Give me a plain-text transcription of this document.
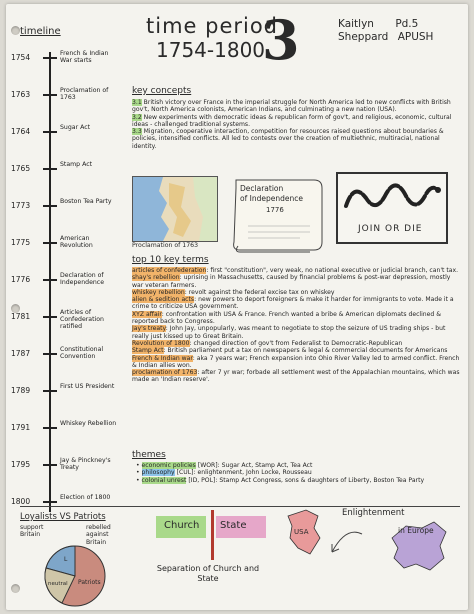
timeline	time period
1754-1800
3	Kaitlyn Pd.5
Sheppard APUSH
1754	French & Indian War starts
1763	Proclamation of 1763
1764	Sugar Act
1765	Stamp Act
1773	Boston Tea Party
1775	American Revolution
1776	Declaration of Independence
1781	Articles of Confederation ratified
1787	Constitutional Convention
1789	First US President
1791	Whiskey Rebellion
1795	Jay & Pinckney's Treaty
1800	Election of 1800
key concepts
3.1 British victory over France in the imperial struggle for North America led to new conflicts with British gov't, North America colonists, American Indians, and culminating a new nation (USA).
3.2 New experiments with democratic ideas & republican form of gov't, and religious, economic, cultural ideas - challenged traditional systems.
3.3 Migration, cooperative interaction, competition for resources raised questions about boundaries & policies, intensified conflicts. All led to contests over the creation of multiethnic, multiracial, national identity.
Proclamation of 1763
Declaration
of Independence
1776
JOIN OR DIE
top 10 key terms
articles of confederation: first "constitution", very weak, no national executive or judicial branch, can't tax.
shay's rebellion: uprising in Massachusetts, caused by financial problems & post-war depression, mostly war veteran farmers.
whiskey rebellion: revolt against the federal excise tax on whiskey
alien & sedition acts: new powers to deport foreigners & make it harder for immigrants to vote. Made it a crime to criticize USA government.
XYZ affair: confrontation with USA & France. French wanted a bribe & American diplomats declined & reported back to Congress.
Jay's treaty: John Jay, unpopularly, was meant to negotiate to stop the seizure of US trading ships - but really just kissed up to Great Britain.
Revolution of 1800: changed direction of gov't from Federalist to Democratic-Republican
Stamp Act: British parliament put a tax on newspapers & legal & commercial documents for Americans
French & Indian war: aka 7 years war; French expansion into Ohio River Valley led to armed conflict. French & Indian allies won.
proclamation of 1763: after 7 yr war; forbade all settlement west of the Appalachian mountains, which was made an 'Indian reserve'.
themes
• economic policies [WOR]: Sugar Act, Stamp Act, Tea Act
• philosophy [CUL]: enlightenment, John Locke, Rousseau
• colonial unrest [ID, POL]: Stamp Act Congress, sons & daughters of Liberty, Boston Tea Party
Loyalists VS Patriots
support Britain
rebelled against Britain
L
neutral Patriots
Church State
Separation of Church and State
USA
Enlightenment
in Europe
